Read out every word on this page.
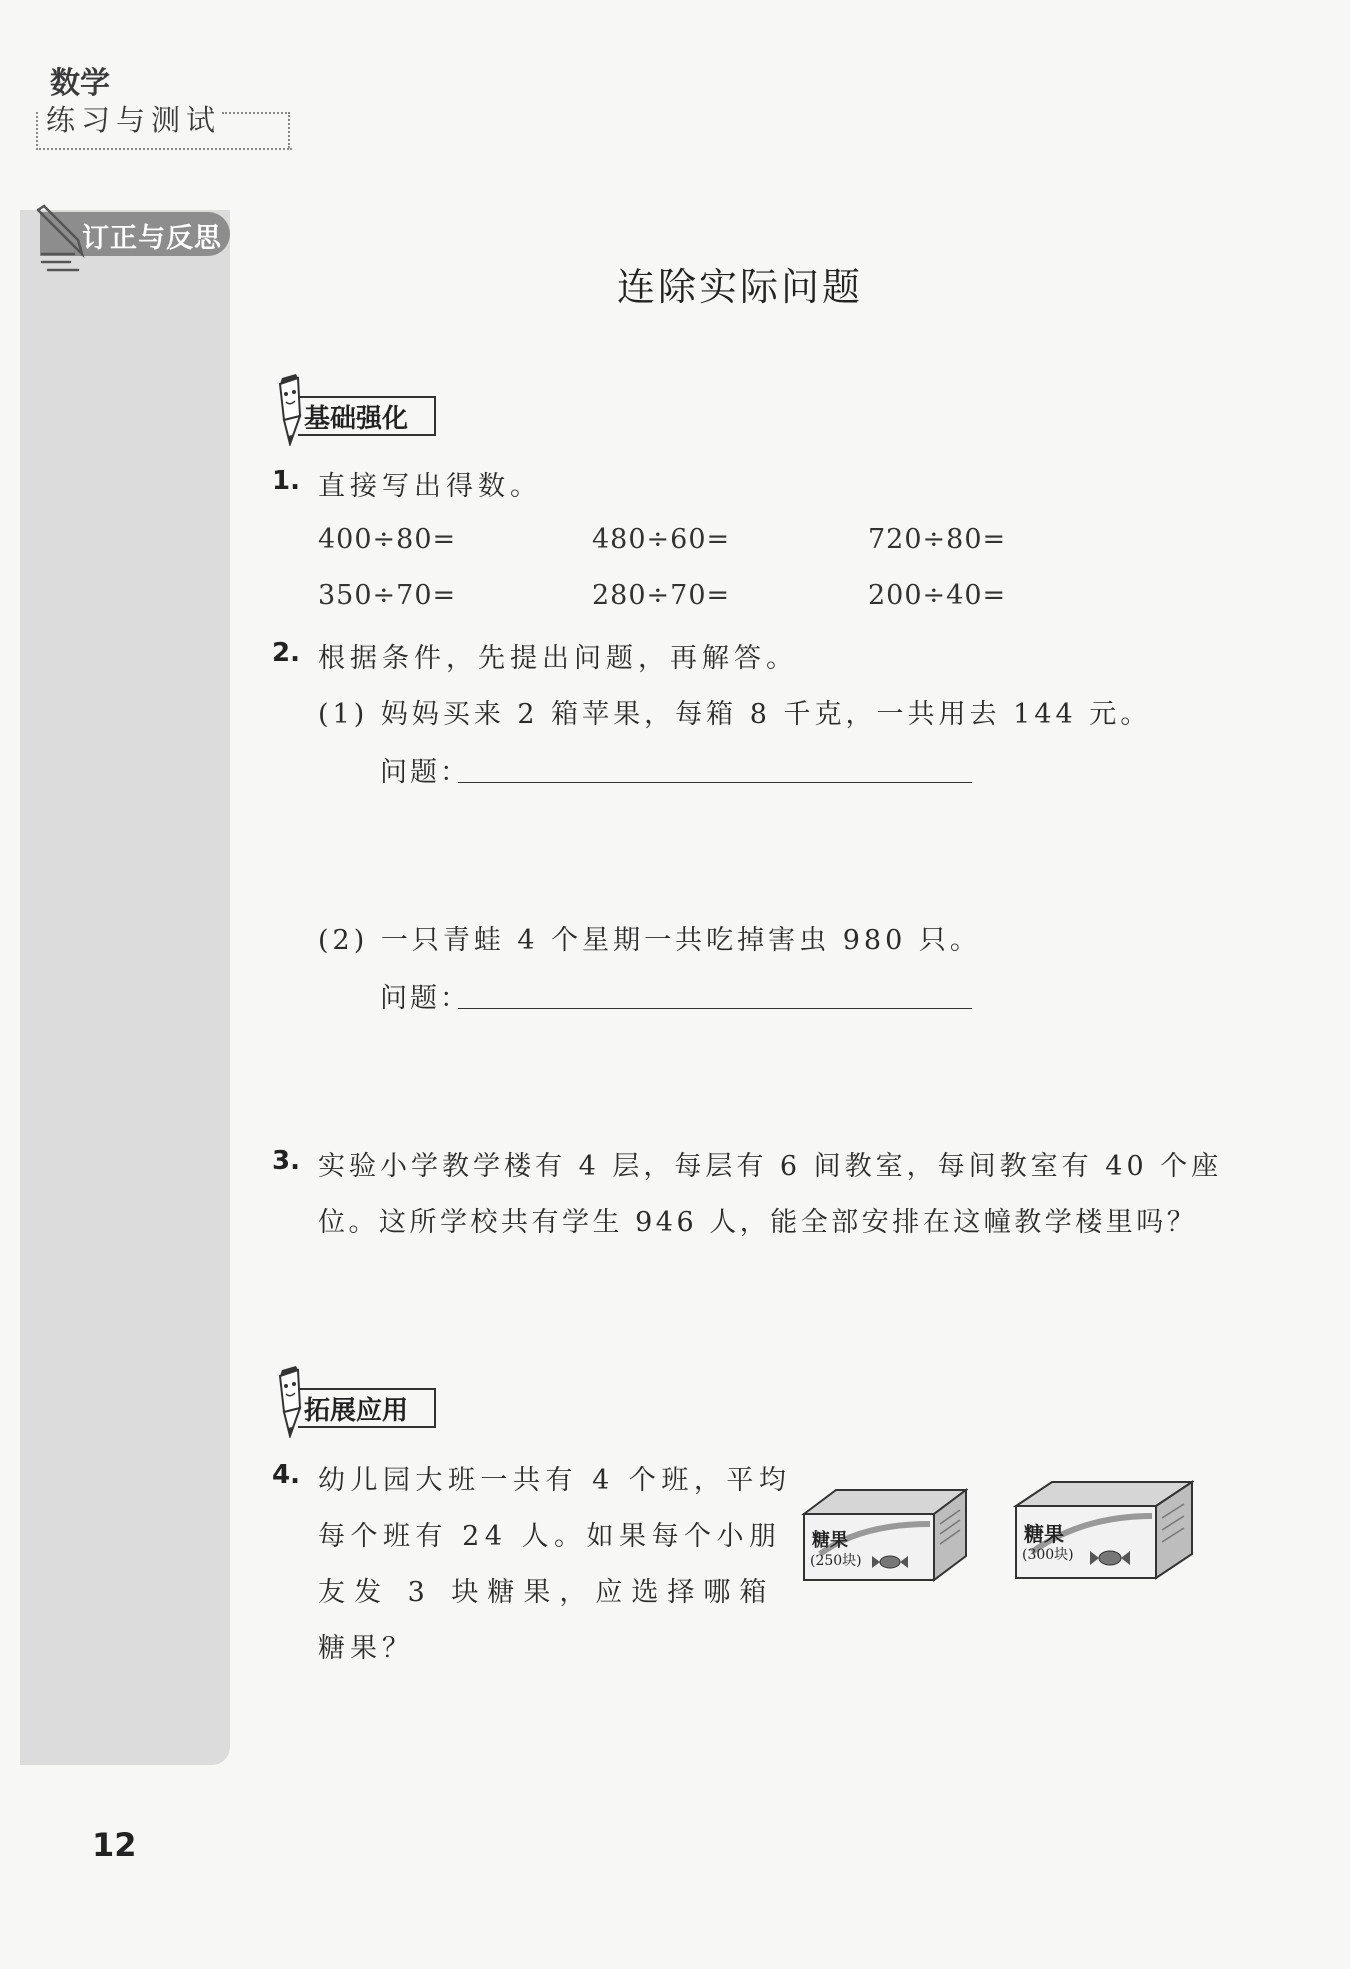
数学
练习与测试
订正与反思
连除实际问题
基础强化
1. 直接写出得数。
400÷80=	480÷60=	720÷80=
350÷70=	280÷70=	200÷40=
2. 根据条件，先提出问题，再解答。
(1) 妈妈买来 2 箱苹果，每箱 8 千克，一共用去 144 元。
问题：
(2) 一只青蛙 4 个星期一共吃掉害虫 980 只。
问题：
3. 实验小学教学楼有 4 层，每层有 6 间教室，每间教室有 40 个座
位。这所学校共有学生 946 人，能全部安排在这幢教学楼里吗？
拓展应用
4. 幼儿园大班一共有 4 个班，平均
每个班有 24 人。如果每个小朋
友发 3 块糖果，应选择哪箱
糖果？
糖果
(250块)
糖果
(300块)
12
